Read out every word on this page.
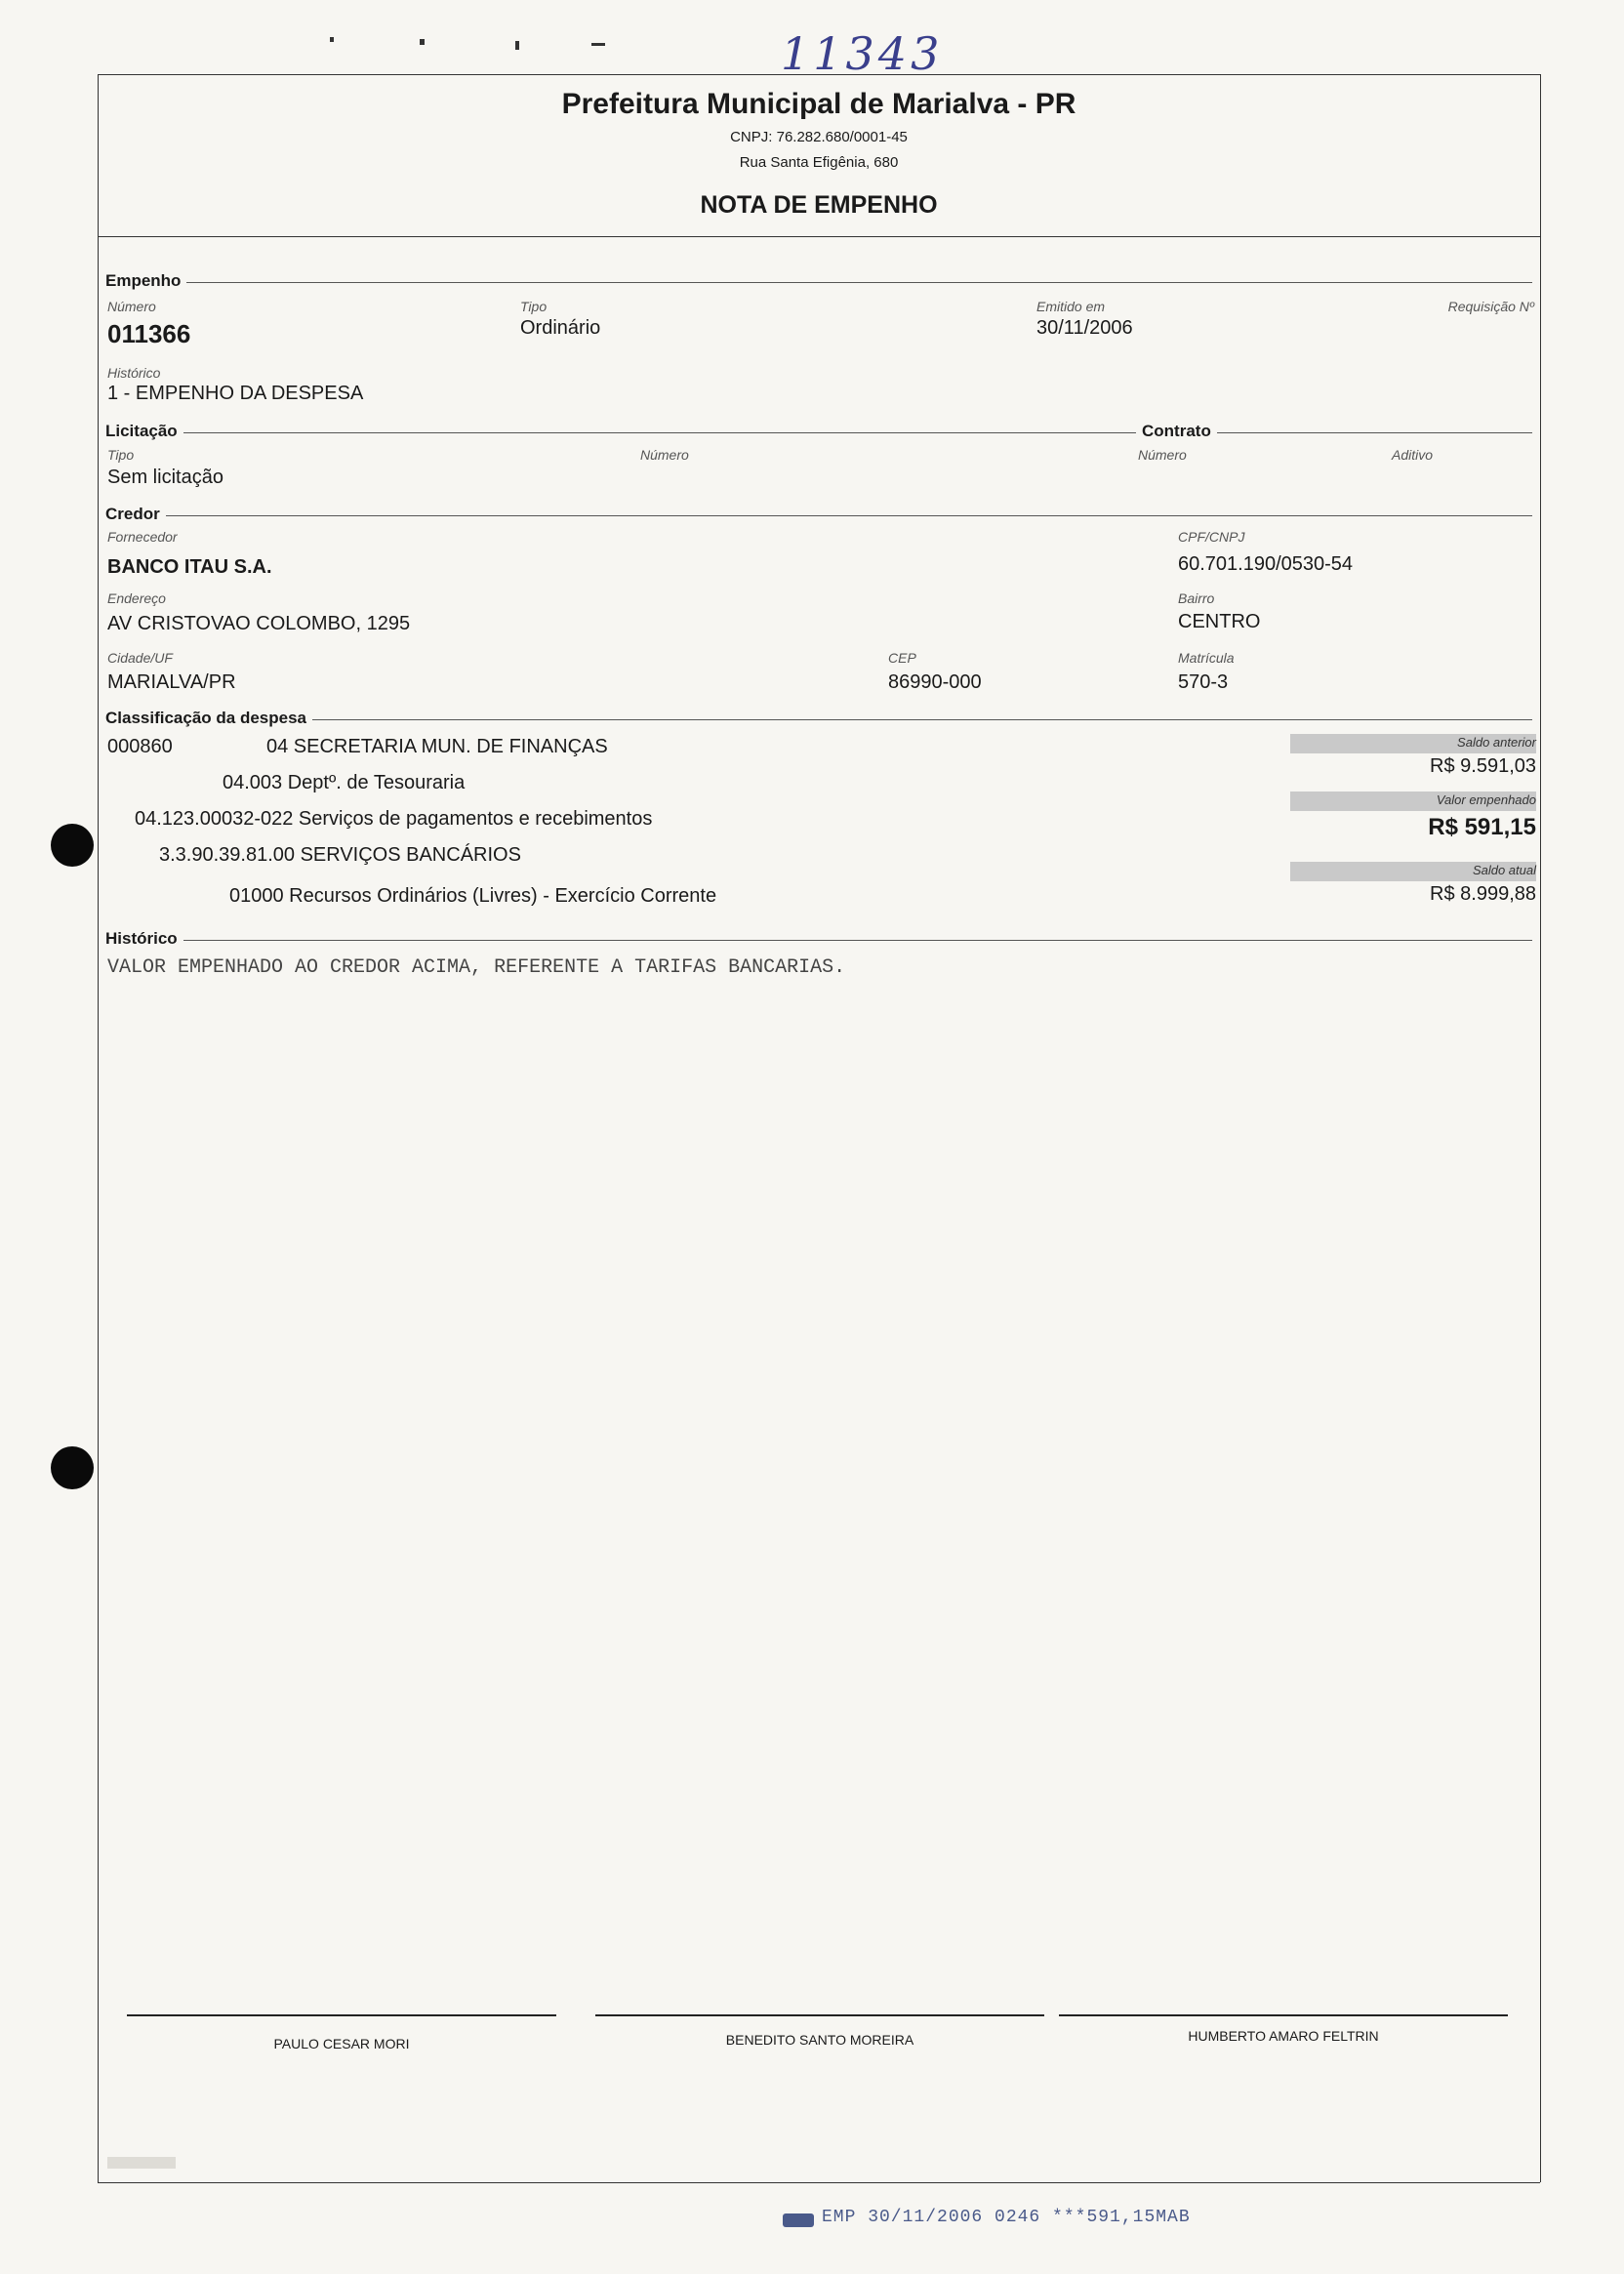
11343
Prefeitura Municipal de Marialva - PR
CNPJ: 76.282.680/0001-45
Rua Santa Efigênia, 680
NOTA DE EMPENHO
Empenho
Número
011366
Tipo
Ordinário
Emitido em
30/11/2006
Requisição Nº
Histórico
1 - EMPENHO DA DESPESA
Licitação	Contrato
Tipo
Sem licitação
Número	Número	Aditivo
Credor
Fornecedor
BANCO ITAU S.A.
CPF/CNPJ
60.701.190/0530-54
Endereço
AV CRISTOVAO COLOMBO, 1295
Bairro
CENTRO
Cidade/UF
MARIALVA/PR
CEP
86990-000
Matrícula
570-3
Classificação da despesa
000860	04 SECRETARIA MUN. DE FINANÇAS
04.003 Deptº. de Tesouraria
04.123.00032-022 Serviços de pagamentos e recebimentos
3.3.90.39.81.00 SERVIÇOS BANCÁRIOS
01000 Recursos Ordinários (Livres) - Exercício Corrente
Saldo anterior
R$ 9.591,03
Valor empenhado
R$ 591,15
Saldo atual
R$ 8.999,88
Histórico
VALOR EMPENHADO AO CREDOR ACIMA, REFERENTE A TARIFAS BANCARIAS.
PAULO CESAR MORI	BENEDITO SANTO MOREIRA	HUMBERTO AMARO FELTRIN
EMP 30/11/2006 0246 ***591,15MAB
